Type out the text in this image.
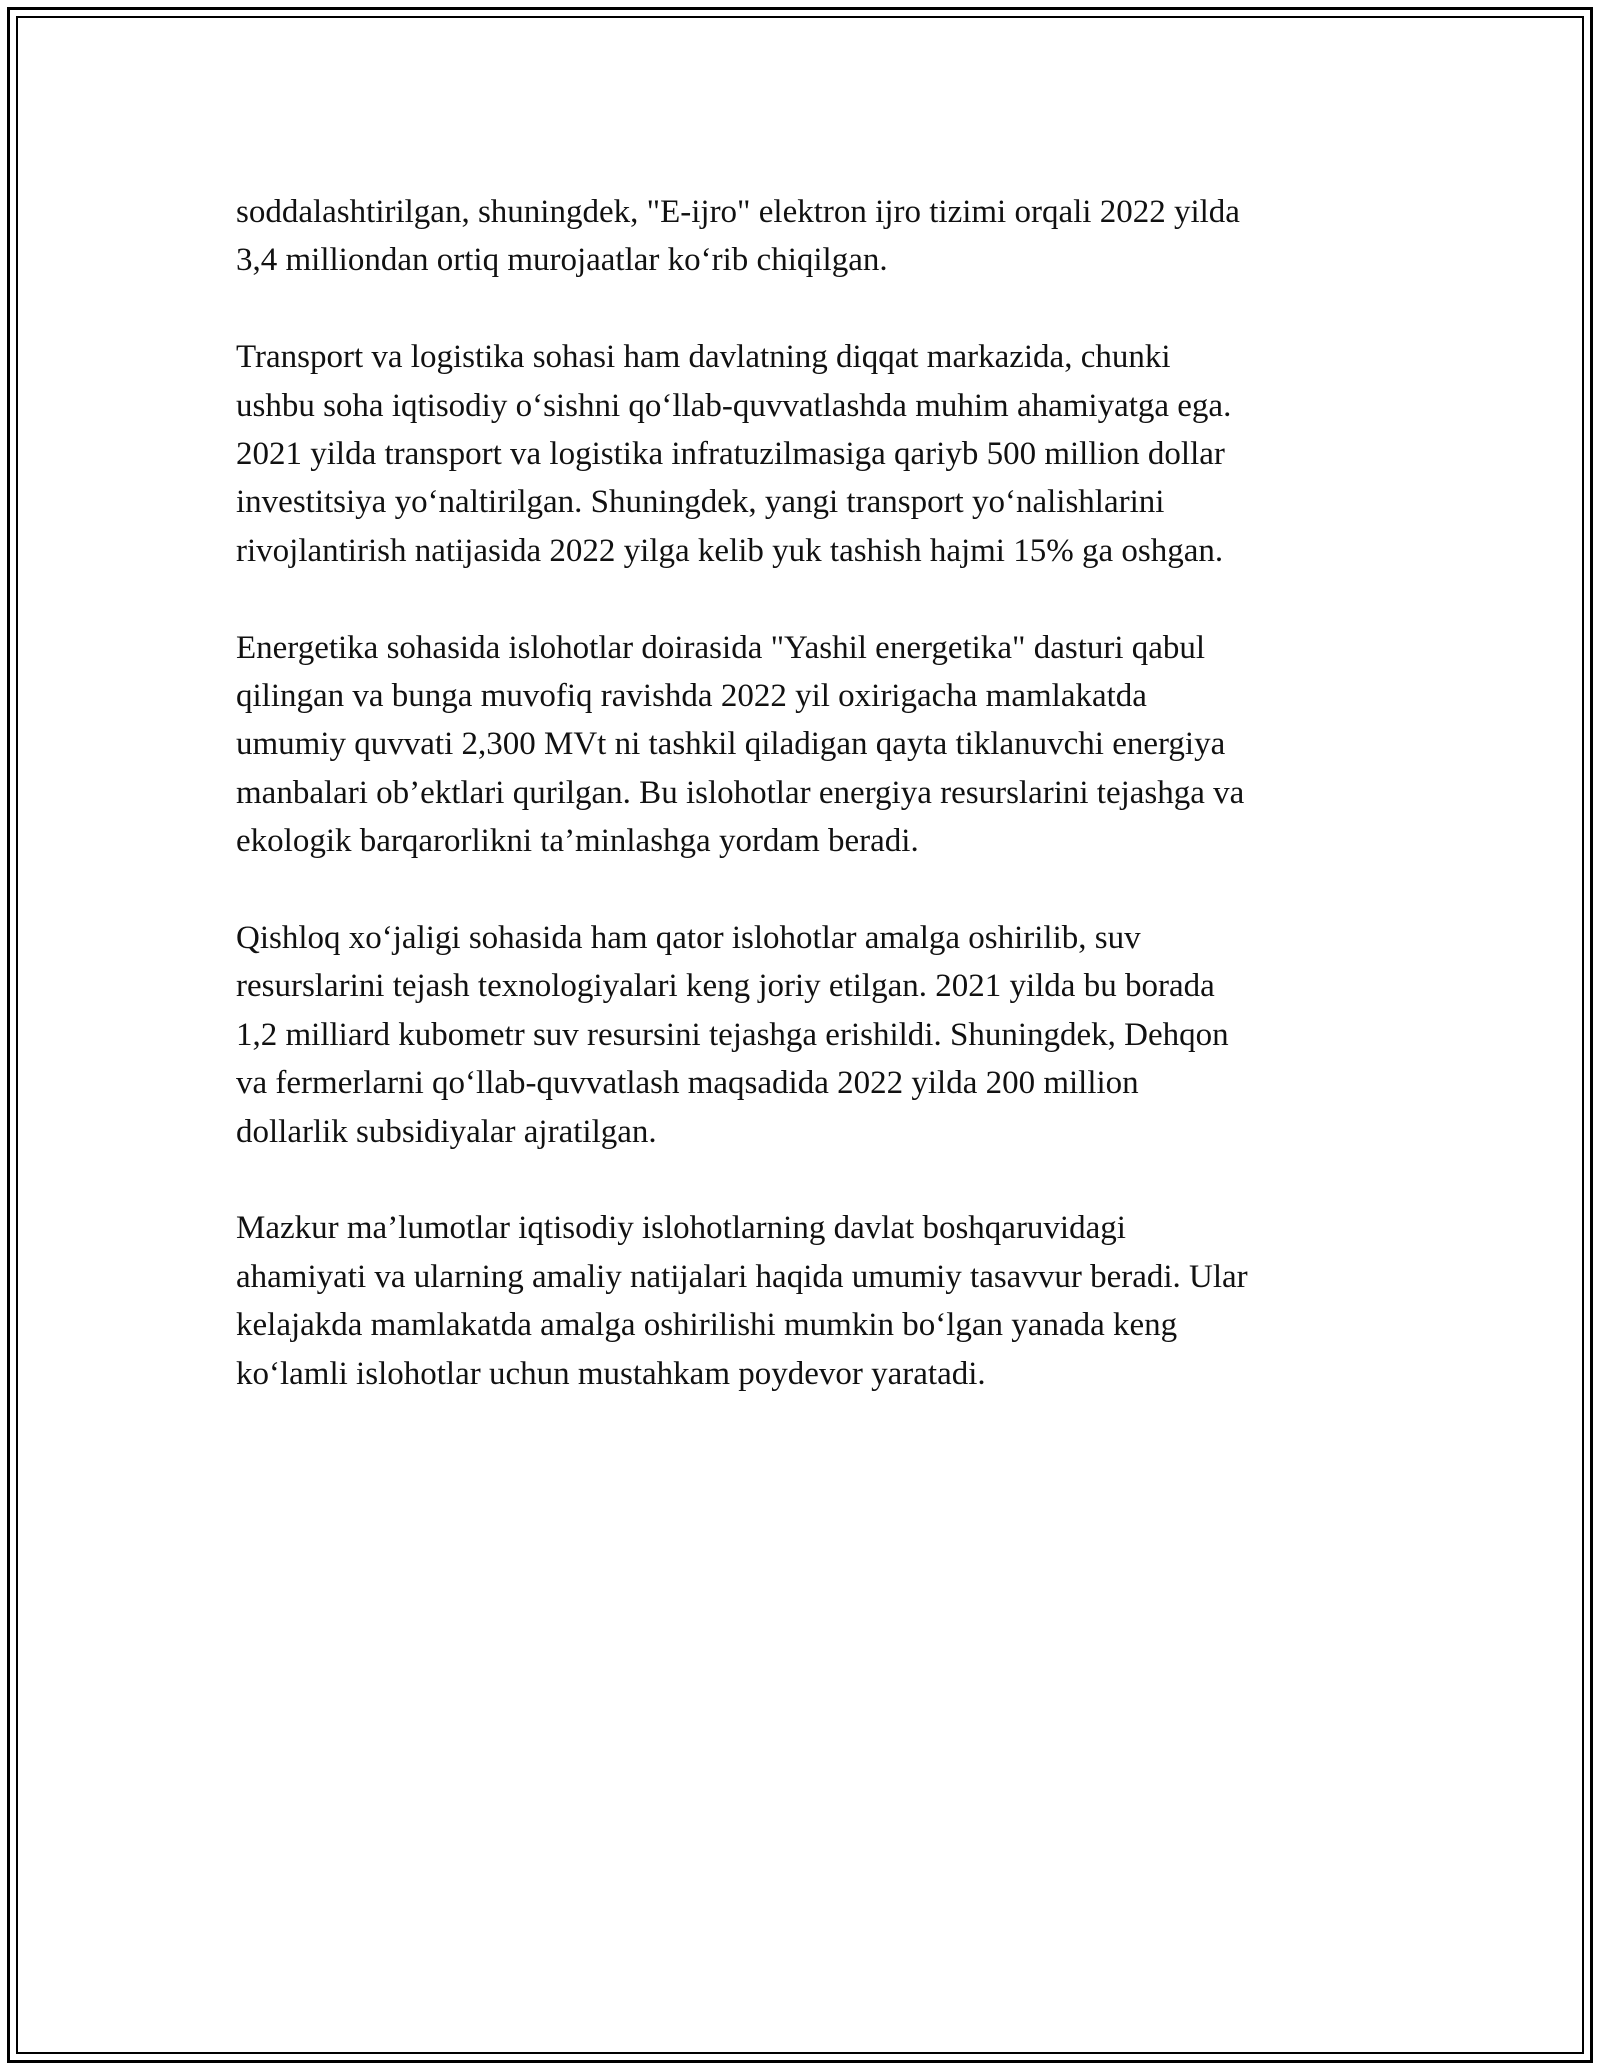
soddalashtirilgan, shuningdek, "E-ijro" elektron ijro tizimi orqali 2022 yilda
3,4 milliondan ortiq murojaatlar koʻrib chiqilgan.

Transport va logistika sohasi ham davlatning diqqat markazida, chunki
ushbu soha iqtisodiy oʻsishni qoʻllab-quvvatlashda muhim ahamiyatga ega.
2021 yilda transport va logistika infratuzilmasiga qariyb 500 million dollar
investitsiya yoʻnaltirilgan. Shuningdek, yangi transport yoʻnalishlarini
rivojlantirish natijasida 2022 yilga kelib yuk tashish hajmi 15% ga oshgan.

Energetika sohasida islohotlar doirasida "Yashil energetika" dasturi qabul
qilingan va bunga muvofiq ravishda 2022 yil oxirigacha mamlakatda
umumiy quvvati 2,300 MVt ni tashkil qiladigan qayta tiklanuvchi energiya
manbalari ob’ektlari qurilgan. Bu islohotlar energiya resurslarini tejashga va
ekologik barqarorlikni ta’minlashga yordam beradi.

Qishloq xoʻjaligi sohasida ham qator islohotlar amalga oshirilib, suv
resurslarini tejash texnologiyalari keng joriy etilgan. 2021 yilda bu borada
1,2 milliard kubometr suv resursini tejashga erishildi. Shuningdek, Dehqon
va fermerlarni qoʻllab-quvvatlash maqsadida 2022 yilda 200 million
dollarlik subsidiyalar ajratilgan.

Mazkur ma’lumotlar iqtisodiy islohotlarning davlat boshqaruvidagi
ahamiyati va ularning amaliy natijalari haqida umumiy tasavvur beradi. Ular
kelajakda mamlakatda amalga oshirilishi mumkin boʻlgan yanada keng
koʻlamli islohotlar uchun mustahkam poydevor yaratadi.
